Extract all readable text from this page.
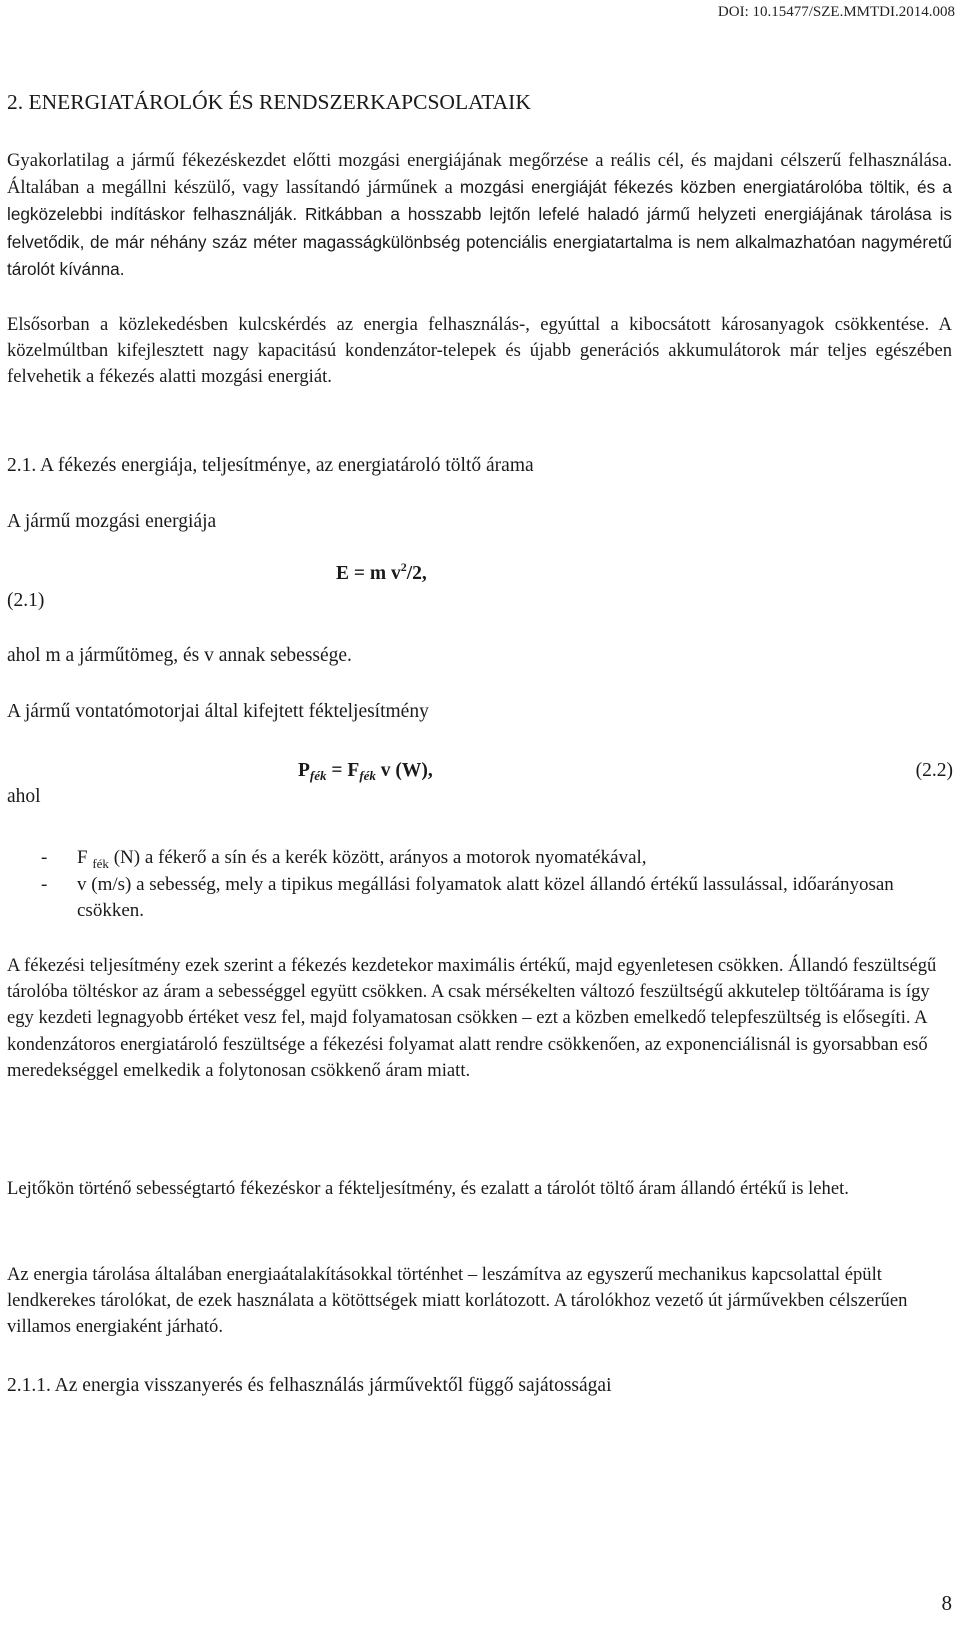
DOI: 10.15477/SZE.MMTDI.2014.008
2. ENERGIATÁROLÓK ÉS RENDSZERKAPCSOLATAIK

Gyakorlatilag a jármű fékezéskezdet előtti mozgási energiájának megőrzése a reális cél, és majdani célszerű felhasználása. Általában a megállni készülő, vagy lassítandó járműnek a mozgási energiáját fékezés közben energiatárolóba töltik, és a legközelebbi indításkor felhasználják. Ritkábban a hosszabb lejtőn lefelé haladó jármű helyzeti energiájának tárolása is felvetődik, de már néhány száz méter magasságkülönbség potenciális energiatartalma is nem alkalmazhatóan nagyméretű tárolót kívánna.

Elsősorban a közlekedésben kulcskérdés az energia felhasználás-, egyúttal a kibocsátott károsanyagok csökkentése. A közelmúltban kifejlesztett nagy kapacitású kondenzátor-telepek és újabb generációs akkumulátorok már teljes egészében felvehetik a fékezés alatti mozgási energiát.

2.1. A fékezés energiája, teljesítménye, az energiatároló töltő árama
A jármű mozgási energiája
E = m $v^2/2$,
(2.1)
ahol m a járműtömeg, és v annak sebessége.
A jármű vontatómotorjai által kifejtett fékteljesítmény
$P_{fék} = F_{fék}$ v (W),	(2.2)
ahol
- F $_{fék}$ (N) a fékerő a sín és a kerék között, arányos a motorok nyomatékával,
- v (m/s) a sebesség, mely a tipikus megállási folyamatok alatt közel állandó értékű lassulással, időarányosan csökken.

A fékezési teljesítmény ezek szerint a fékezés kezdetekor maximális értékű, majd egyenletesen csökken. Állandó feszültségű tárolóba töltéskor az áram a sebességgel együtt csökken. A csak mérsékelten változó feszültségű akkutelep töltőárama is így egy kezdeti legnagyobb értéket vesz fel, majd folyamatosan csökken – ezt a közben emelkedő telepfeszültség is elősegíti. A kondenzátoros energiatároló feszültsége a fékezési folyamat alatt rendre csökkenően, az exponenciálisnál is gyorsabban eső meredekséggel emelkedik a folytonosan csökkenő áram miatt.

Lejtőkön történő sebességtartó fékezéskor a fékteljesítmény, és ezalatt a tárolót töltő áram állandó értékű is lehet.

Az energia tárolása általában energiaátalakításokkal történhet – leszámítva az egyszerű mechanikus kapcsolattal épült lendkerekes tárolókat, de ezek használata a kötöttségek miatt korlátozott. A tárolókhoz vezető út járművekben célszerűen villamos energiaként járható.

2.1.1. Az energia visszanyerés és felhasználás járművektől függő sajátosságai
8
